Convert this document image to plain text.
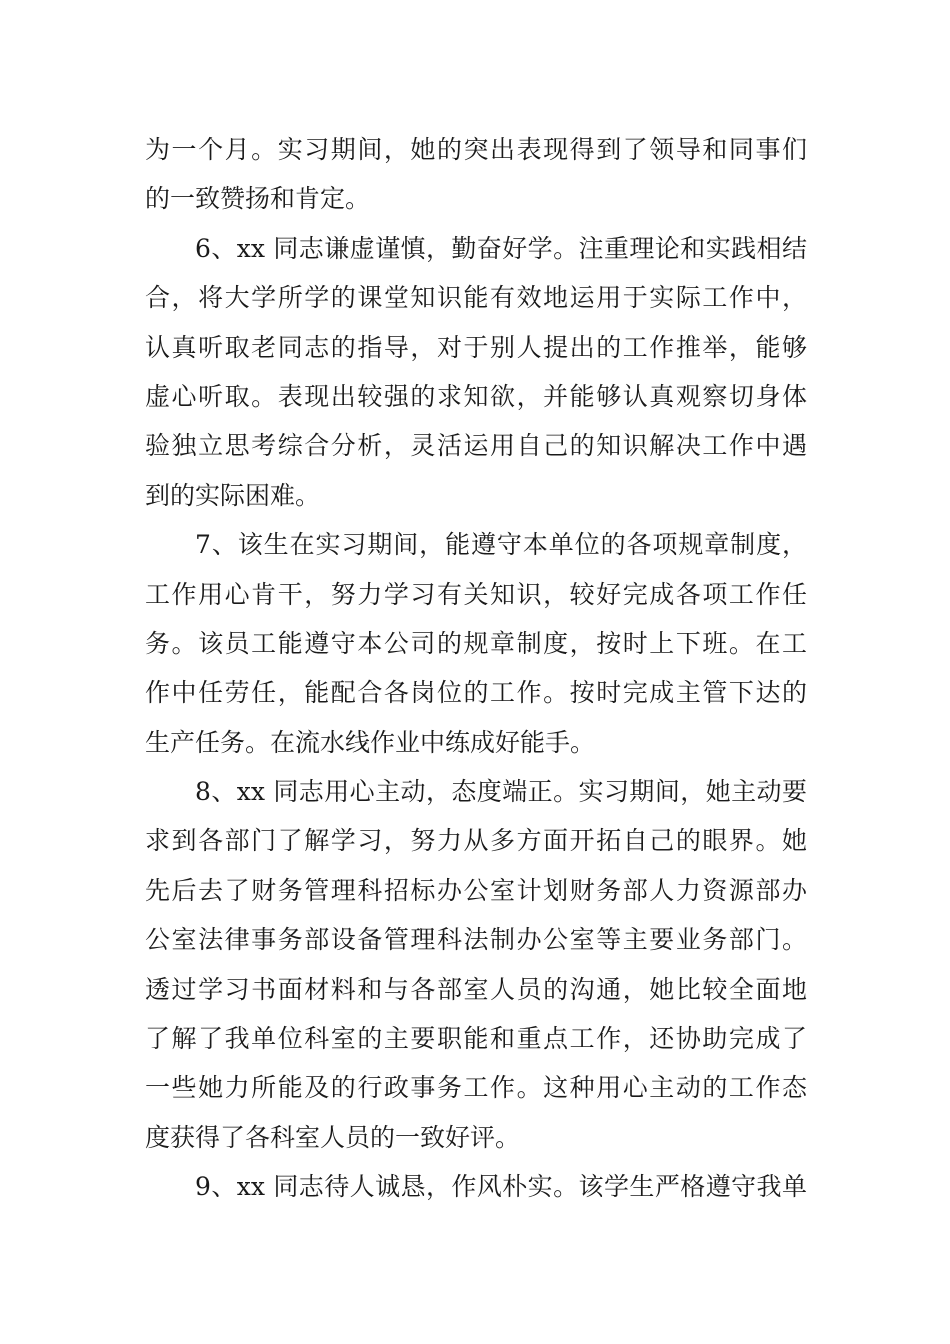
为一个月。实习期间，她的突出表现得到了领导和同事们
的一致赞扬和肯定。
6、xx 同志谦虚谨慎，勤奋好学。注重理论和实践相结
合，将大学所学的课堂知识能有效地运用于实际工作中，
认真听取老同志的指导，对于别人提出的工作推举，能够
虚心听取。表现出较强的求知欲，并能够认真观察切身体
验独立思考综合分析，灵活运用自己的知识解决工作中遇
到的实际困难。
7、该生在实习期间，能遵守本单位的各项规章制度，
工作用心肯干，努力学习有关知识，较好完成各项工作任
务。该员工能遵守本公司的规章制度，按时上下班。在工
作中任劳任，能配合各岗位的工作。按时完成主管下达的
生产任务。在流水线作业中练成好能手。
8、xx 同志用心主动，态度端正。实习期间，她主动要
求到各部门了解学习，努力从多方面开拓自己的眼界。她
先后去了财务管理科招标办公室计划财务部人力资源部办
公室法律事务部设备管理科法制办公室等主要业务部门。
透过学习书面材料和与各部室人员的沟通，她比较全面地
了解了我单位科室的主要职能和重点工作，还协助完成了
一些她力所能及的行政事务工作。这种用心主动的工作态
度获得了各科室人员的一致好评。
9、xx 同志待人诚恳，作风朴实。该学生严格遵守我单
